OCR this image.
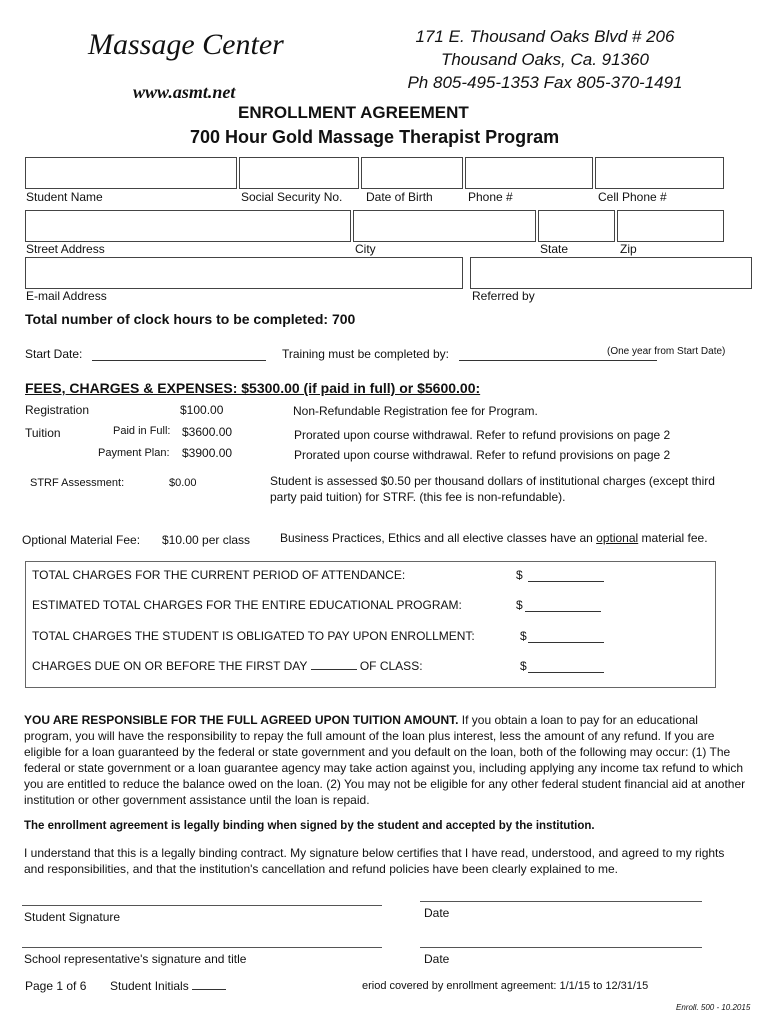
Massage Center
www.asmt.net
171 E. Thousand Oaks Blvd # 206
Thousand Oaks, Ca. 91360
Ph 805-495-1353 Fax 805-370-1491
ENROLLMENT AGREEMENT
700 Hour Gold Massage Therapist Program
Student Name	Social Security No. Date of Birth	Phone #	Cell Phone #
Street Address	City	State	Zip
E-mail Address	Referred by
Total number of clock hours to be completed: 700
Start Date:	Training must be completed by:	(One year from Start Date)
FEES, CHARGES & EXPENSES: $5300.00 (if paid in full) or $5600.00:
Registration	$100.00	Non-Refundable Registration fee for Program.
Tuition	Paid in Full: $3600.00	Prorated upon course withdrawal. Refer to refund provisions on page 2
Payment Plan: $3900.00	Prorated upon course withdrawal. Refer to refund provisions on page 2
STRF Assessment:	$0.00	Student is assessed $0.50 per thousand dollars of institutional charges (except third
party paid tuition) for STRF. (this fee is non-refundable).
Optional Material Fee: $10.00 per class Business Practices, Ethics and all elective classes have an optional material fee.
TOTAL CHARGES FOR THE CURRENT PERIOD OF ATTENDANCE:	$
ESTIMATED TOTAL CHARGES FOR THE ENTIRE EDUCATIONAL PROGRAM:	$
TOTAL CHARGES THE STUDENT IS OBLIGATED TO PAY UPON ENROLLMENT:	$
CHARGES DUE ON OR BEFORE THE FIRST DAY	OF CLASS:	$
YOU ARE RESPONSIBLE FOR THE FULL AGREED UPON TUITION AMOUNT. If you obtain a loan to pay for an educational program, you will have the responsibility to repay the full amount of the loan plus interest, less the amount of any refund. If you are eligible for a loan guaranteed by the federal or state government and you default on the loan, both of the following may occur: (1) The federal or state government or a loan guarantee agency may take action against you, including applying any income tax refund to which you are entitled to reduce the balance owed on the loan. (2) You may not be eligible for any other federal student financial aid at another institution or other government assistance until the loan is repaid.
The enrollment agreement is legally binding when signed by the student and accepted by the institution.
I understand that this is a legally binding contract. My signature below certifies that I have read, understood, and agreed to my rights and responsibilities, and that the institution's cancellation and refund policies have been clearly explained to me.
Student Signature	Date
School representative's signature and title	Date
Page 1 of 6 Student Initials	eriod covered by enrollment agreement: 1/1/15 to 12/31/15
Enroll. 500 - 10.2015
